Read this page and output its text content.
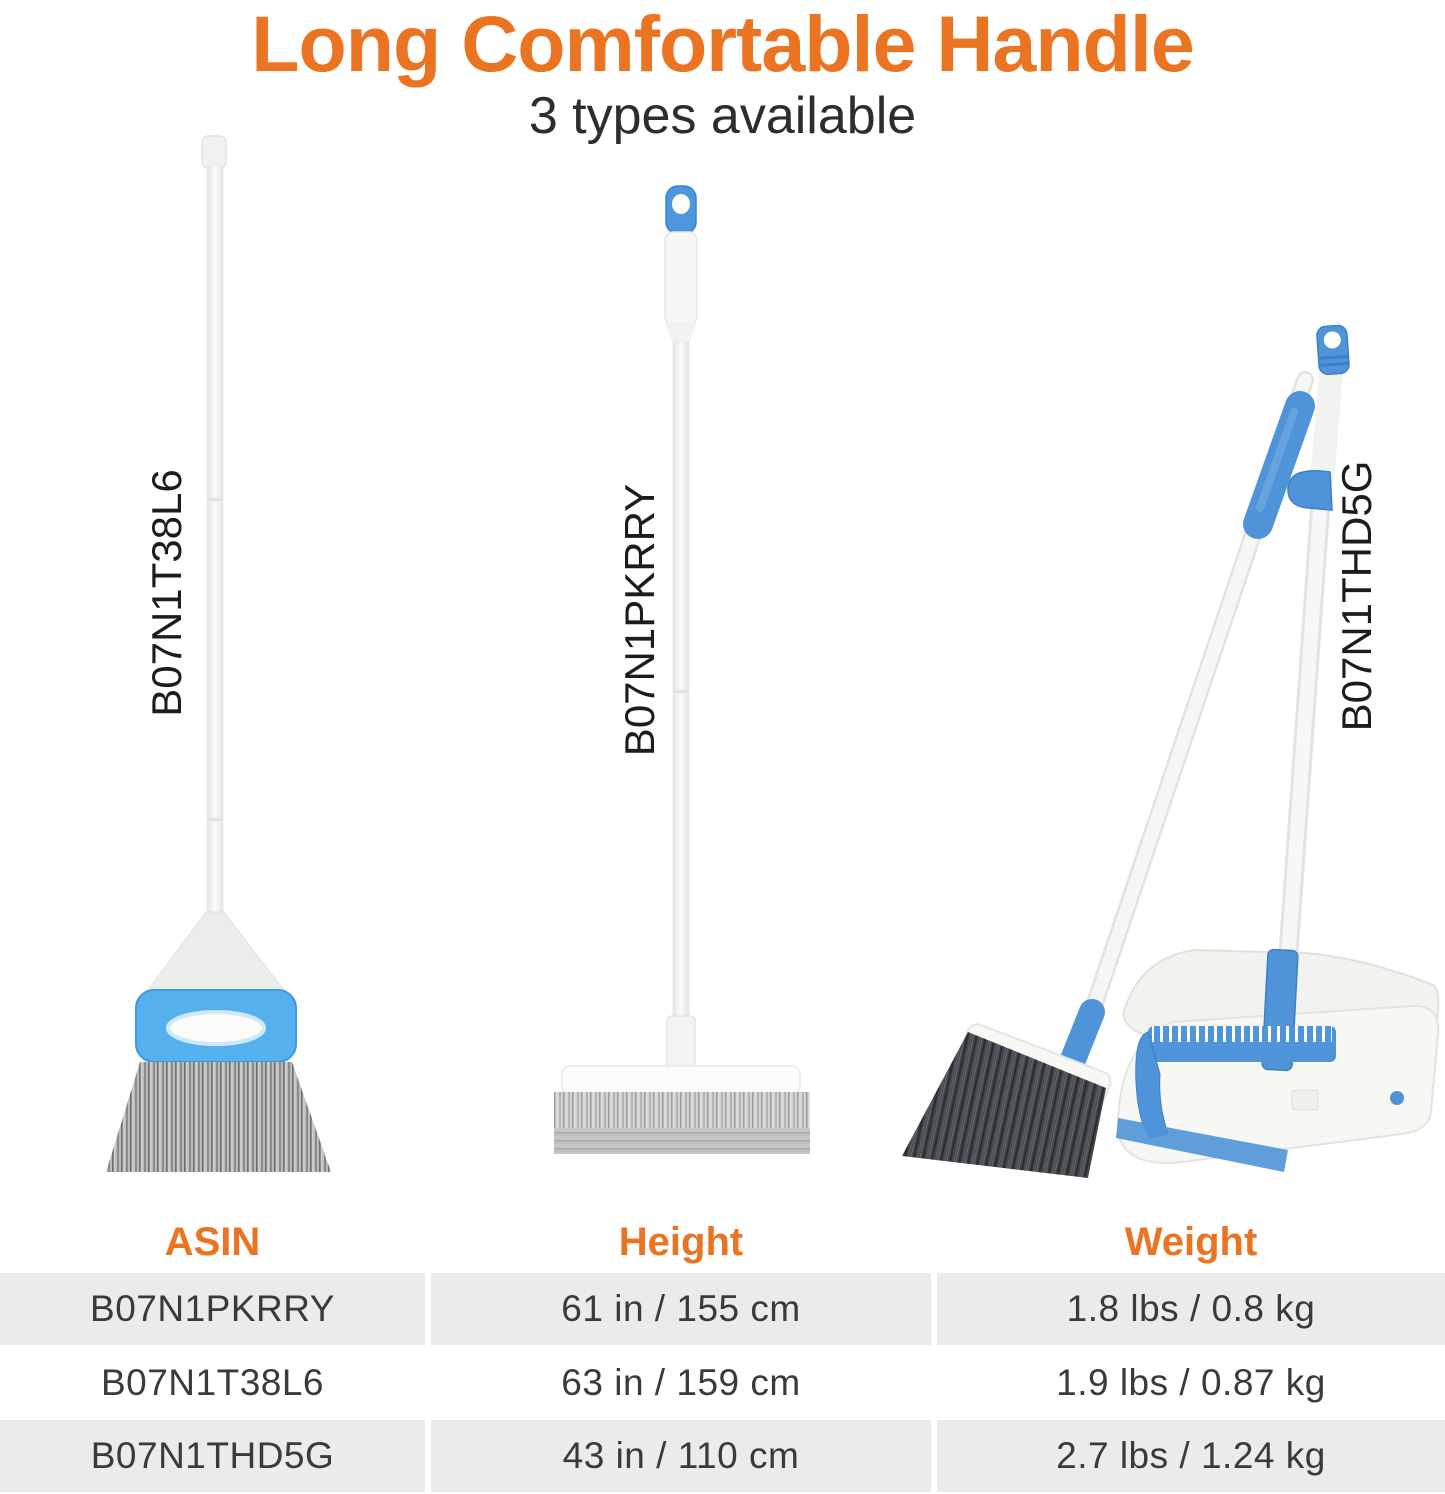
Long Comfortable Handle
3 types available
B07N1T38L6	B07N1PKRRY	B07N1THD5G
ASIN	Height	Weight
B07N1PKRRY	61 in / 155 cm	1.8 lbs / 0.8 kg
B07N1T38L6	63 in / 159 cm	1.9 lbs / 0.87 kg
B07N1THD5G	43 in / 110 cm	2.7 lbs / 1.24 kg
